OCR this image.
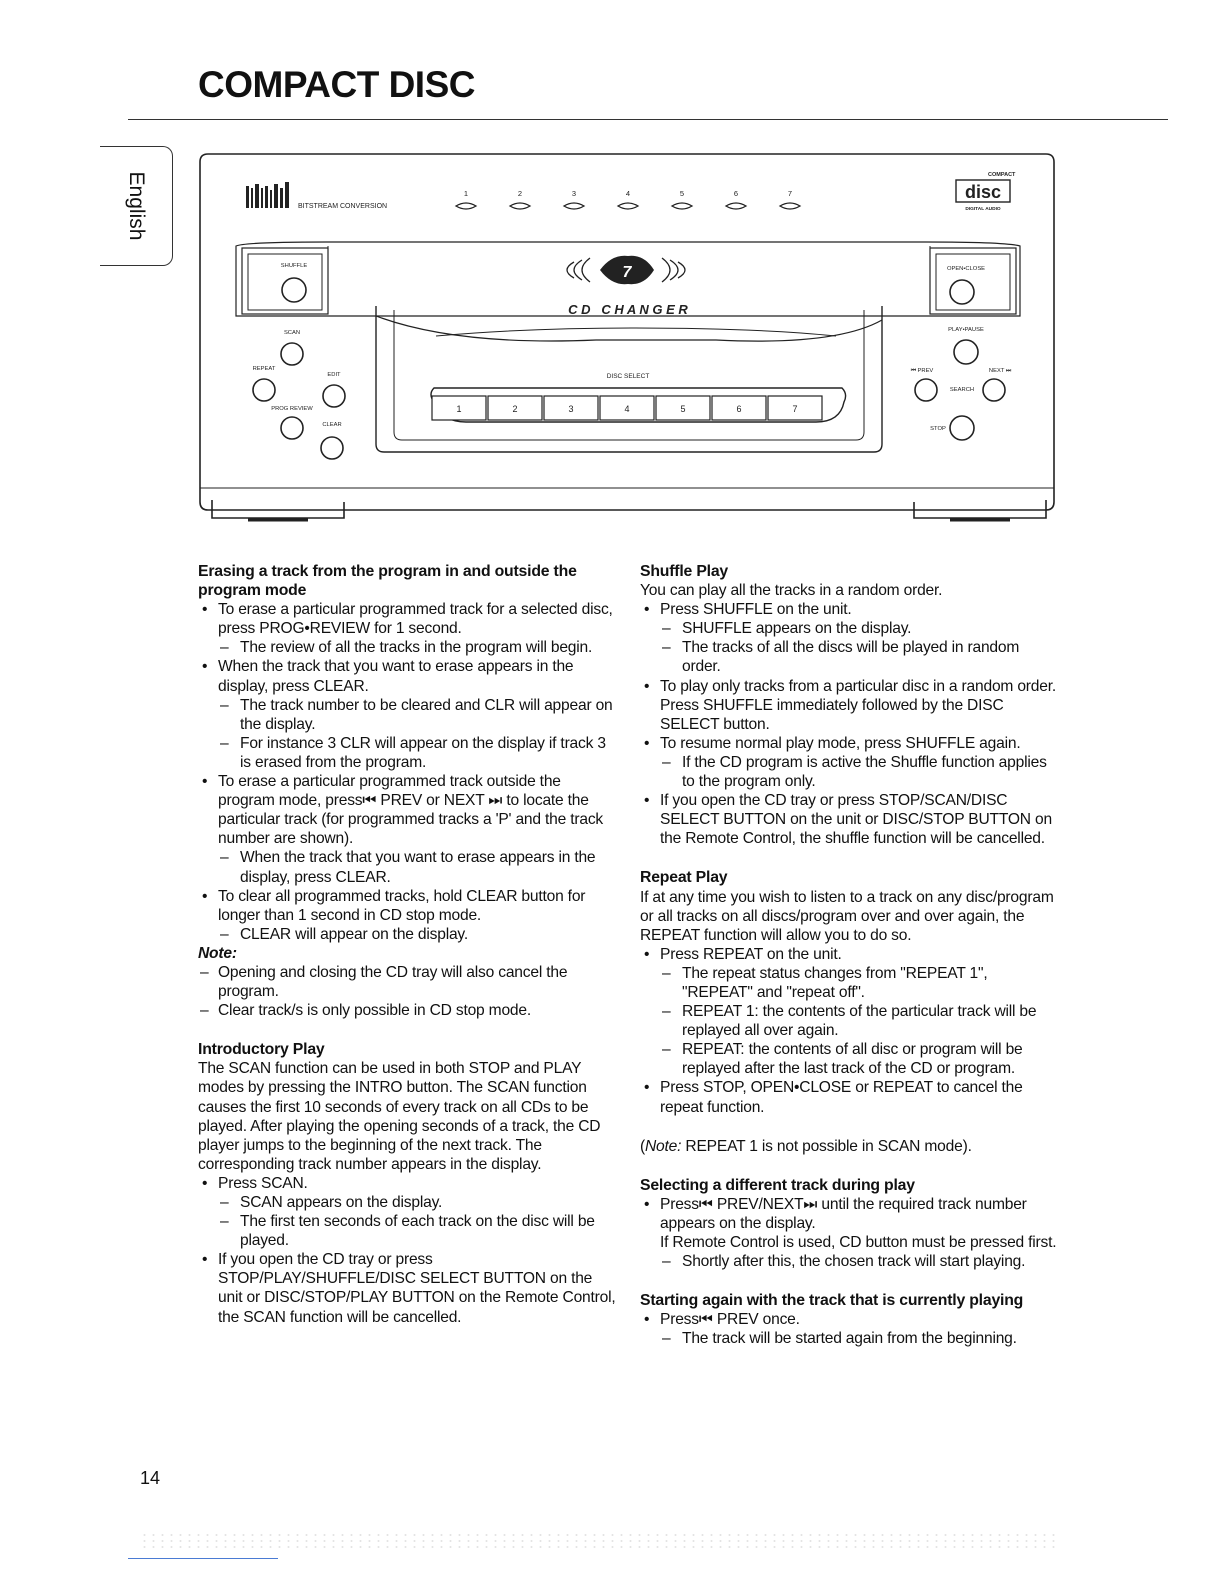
COMPACT DISC
English
1	2	3	4	5	6	7
DISC SELECT
BITSTREAM CONVERSION
1	2	3	4	5	6	7
COMPACT
disc
DIGITAL AUDIO
7
C D   C H A N G E R
SHUFFLE
SCAN
REPEAT
EDIT
PROG REVIEW
CLEAR
OPEN•CLOSE
PLAY•PAUSE
⏮ PREV	NEXT ⏭
SEARCH
STOP
Erasing a track from the program in and outside the program mode
• To erase a particular programmed track for a selected disc, press PROG•REVIEW for 1 second.
– The review of all the tracks in the program will begin.
• When the track that you want to erase appears in the display, press CLEAR.
– The track number to be cleared and CLR will appear on the display.
– For instance 3 CLR will appear on the display if track 3 is erased from the program.
• To erase a particular programmed track outside the program mode, press⏮ PREV or NEXT ⏭ to locate the particular track (for programmed tracks a 'P' and the track number are shown).
– When the track that you want to erase appears in the display, press CLEAR.
• To clear all programmed tracks, hold CLEAR button for longer than 1 second in CD stop mode.
– CLEAR will appear on the display.

Note:

– Opening and closing the CD tray will also cancel the program.
– Clear track/s is only possible in CD stop mode.
Introductory Play

The SCAN function can be used in both STOP and PLAY modes by pressing the INTRO button. The SCAN function causes the first 10 seconds of every track on all CDs to be played. After playing the opening seconds of a track, the CD player jumps to the beginning of the next track. The corresponding track number appears in the display.

• Press SCAN.
– SCAN appears on the display.
– The first ten seconds of each track on the disc will be played.
• If you open the CD tray or press STOP/PLAY/SHUFFLE/DISC SELECT BUTTON on the unit or DISC/STOP/PLAY BUTTON on the Remote Control, the SCAN function will be cancelled.
Shuffle Play

You can play all the tracks in a random order.

• Press SHUFFLE on the unit.
– SHUFFLE appears on the display.
– The tracks of all the discs will be played in random order.
• To play only tracks from a particular disc in a random order. Press SHUFFLE immediately followed by the DISC SELECT button.
• To resume normal play mode, press SHUFFLE again.
– If the CD program is active the Shuffle function applies to the program only.
• If you open the CD tray or press STOP/SCAN/DISC SELECT BUTTON on the unit or DISC/STOP BUTTON on the Remote Control, the shuffle function will be cancelled.
Repeat Play

If at any time you wish to listen to a track on any disc/program or all tracks on all discs/program over and over again, the REPEAT function will allow you to do so.

• Press REPEAT on the unit.
– The repeat status changes from "REPEAT 1", "REPEAT" and "repeat off".
– REPEAT 1: the contents of the particular track will be replayed all over again.
– REPEAT: the contents of all disc or program will be replayed after the last track of the CD or program.
• Press STOP, OPEN•CLOSE or REPEAT to cancel the repeat function.

(Note: REPEAT 1 is not possible in SCAN mode).

Selecting a different track during play
• Press⏮ PREV/NEXT⏭ until the required track number appears on the display.

If Remote Control is used, CD button must be pressed first.

– Shortly after this, the chosen track will start playing.
Starting again with the track that is currently playing
• Press⏮ PREV once.
– The track will be started again from the beginning.
14
